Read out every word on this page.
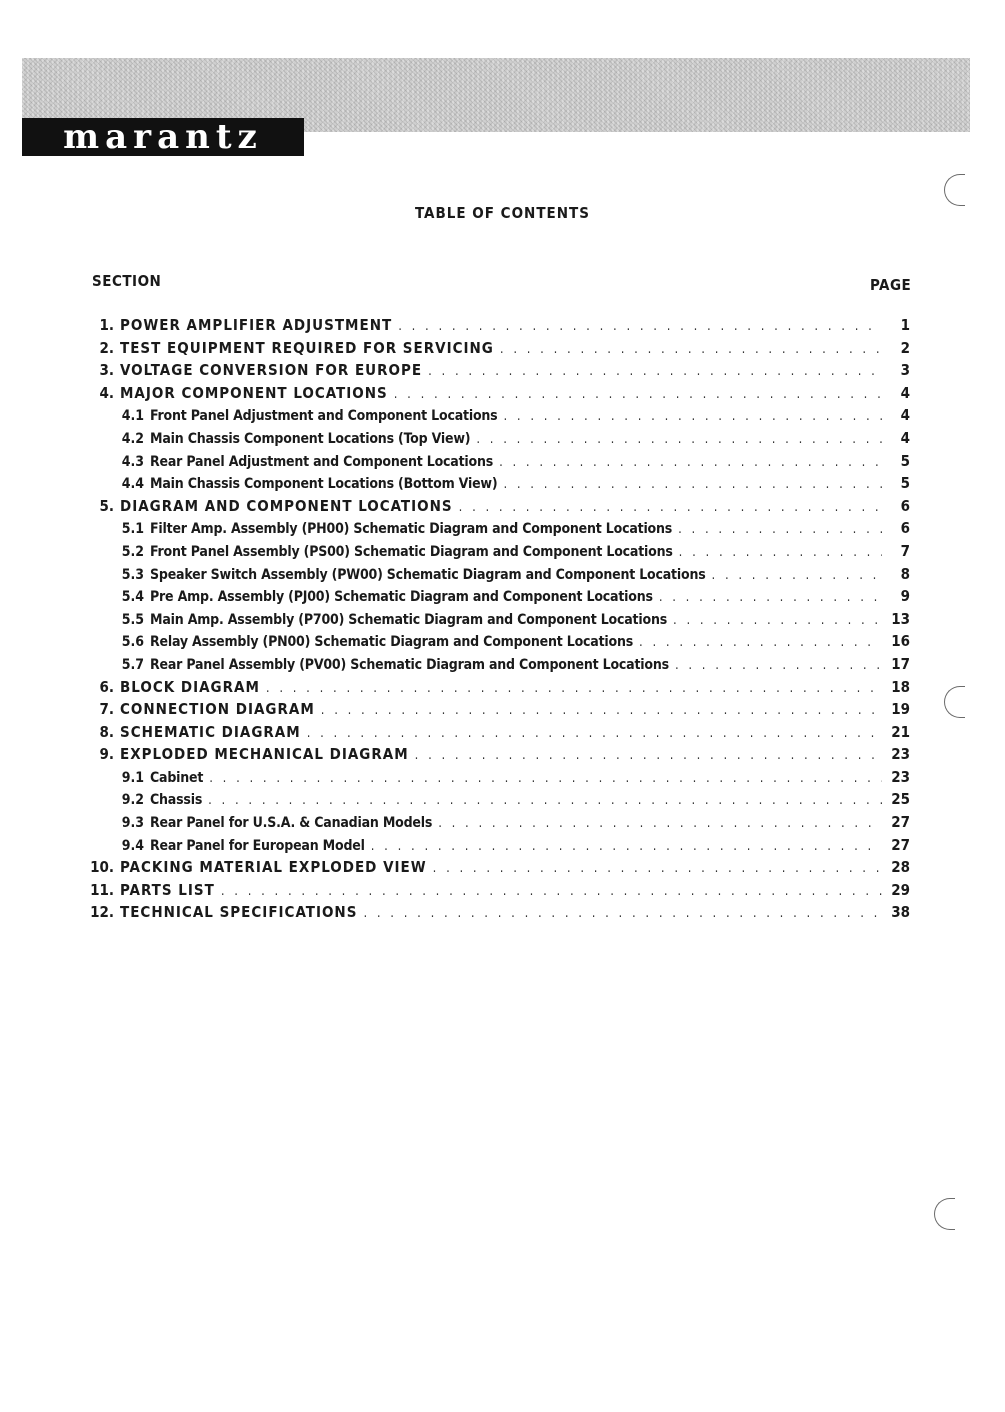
marantz
TABLE OF CONTENTS
SECTION	PAGE
1. POWER AMPLIFIER ADJUSTMENT . . .	1
2. TEST EQUIPMENT REQUIRED FOR SERVICING . . .	2
3. VOLTAGE CONVERSION FOR EUROPE . . .	3
4. MAJOR COMPONENT LOCATIONS . . .	4
4.1 Front Panel Adjustment and Component Locations . . .	4
4.2 Main Chassis Component Locations (Top View) . . .	4
4.3 Rear Panel Adjustment and Component Locations . . .	5
4.4 Main Chassis Component Locations (Bottom View) . . .	5
5. DIAGRAM AND COMPONENT LOCATIONS . . .	6
5.1 Filter Amp. Assembly (PH00) Schematic Diagram and Component Locations . . .	6
5.2 Front Panel Assembly (PS00) Schematic Diagram and Component Locations . . .	7
5.3 Speaker Switch Assembly (PW00) Schematic Diagram and Component Locations . . .	8
5.4 Pre Amp. Assembly (PJ00) Schematic Diagram and Component Locations . . .	9
5.5 Main Amp. Assembly (P700) Schematic Diagram and Component Locations . . .	13
5.6 Relay Assembly (PN00) Schematic Diagram and Component Locations . . .	16
5.7 Rear Panel Assembly (PV00) Schematic Diagram and Component Locations . . .	17
6. BLOCK DIAGRAM . . .	18
7. CONNECTION DIAGRAM . . .	19
8. SCHEMATIC DIAGRAM . . .	21
9. EXPLODED MECHANICAL DIAGRAM . . .	23
9.1 Cabinet . . .	23
9.2 Chassis . . .	25
9.3 Rear Panel for U.S.A. & Canadian Models . . .	27
9.4 Rear Panel for European Model . . .	27
10. PACKING MATERIAL EXPLODED VIEW . . .	28
11. PARTS LIST . . .	29
12. TECHNICAL SPECIFICATIONS . . .	38
